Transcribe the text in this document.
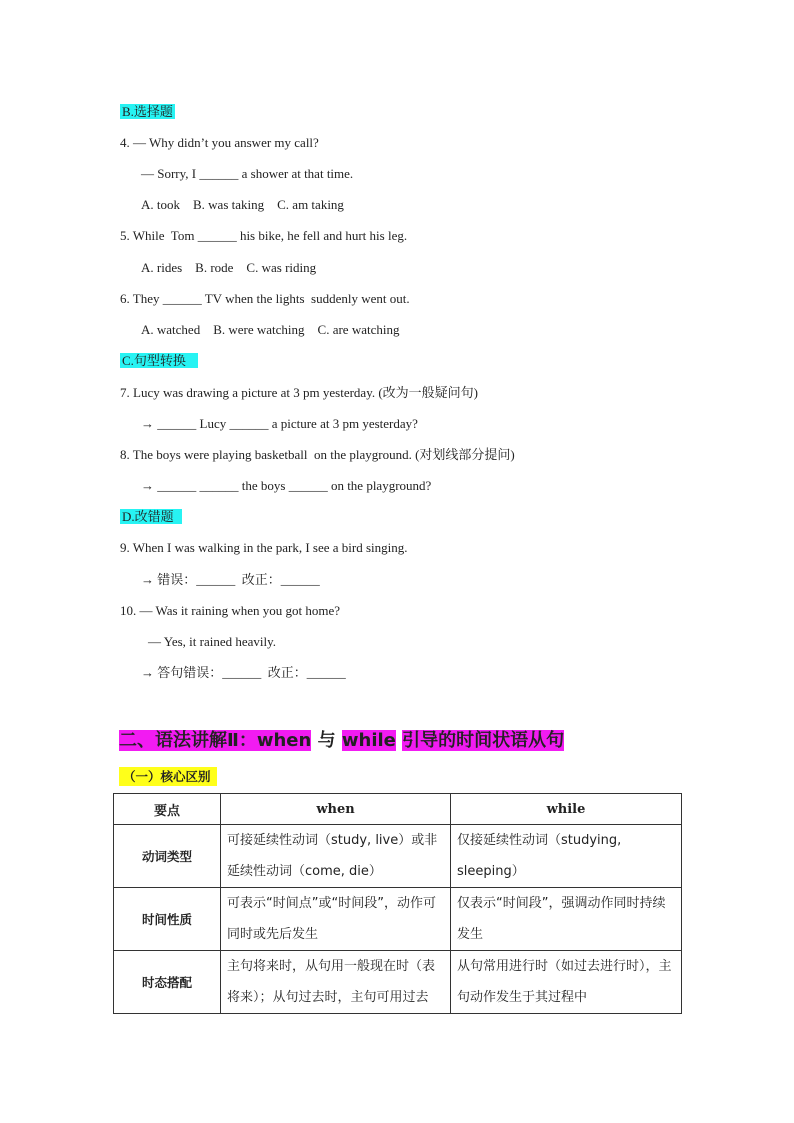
B.选择题
4. — Why didn’t you answer my call?
— Sorry, I ______ a shower at that time.
A. took    B. was taking    C. am taking
5. While  Tom ______ his bike, he fell and hurt his leg.
A. rides    B. rode    C. was riding
6. They ______ TV when the lights  suddenly went out.
A. watched    B. were watching    C. are watching
C.句型转换
7. Lucy was drawing a picture at 3 pm yesterday. (改为一般疑问句)
→ ______ Lucy ______ a picture at 3 pm yesterday?
8. The boys were playing basketball  on the playground. (对划线部分提问)
→ ______ ______ the boys ______ on the playground?
D.改错题
9. When I was walking in the park, I see a bird singing.
→ 错误：______  改正：______
10. — Was it raining when you got home?
— Yes, it rained heavily.
→ 答句错误：______  改正：______
二、语法讲解Ⅱ：when 与 while 引导的时间状语从句
（一）核心区别
要点	when	while
动词类型	可接延续性动词（study, live）或非延续性动词（come, die）	仅接延续性动词（studying, sleeping）

时间性质	可表示“时间点”或“时间段”，动作可同时或先后发生	仅表示“时间段”，强调动作同时持续发生

时态搭配	主句将来时，从句用一般现在时（表将来）；从句过去时，主句可用过去	从句常用进行时（如过去进行时），主句动作发生于其过程中
